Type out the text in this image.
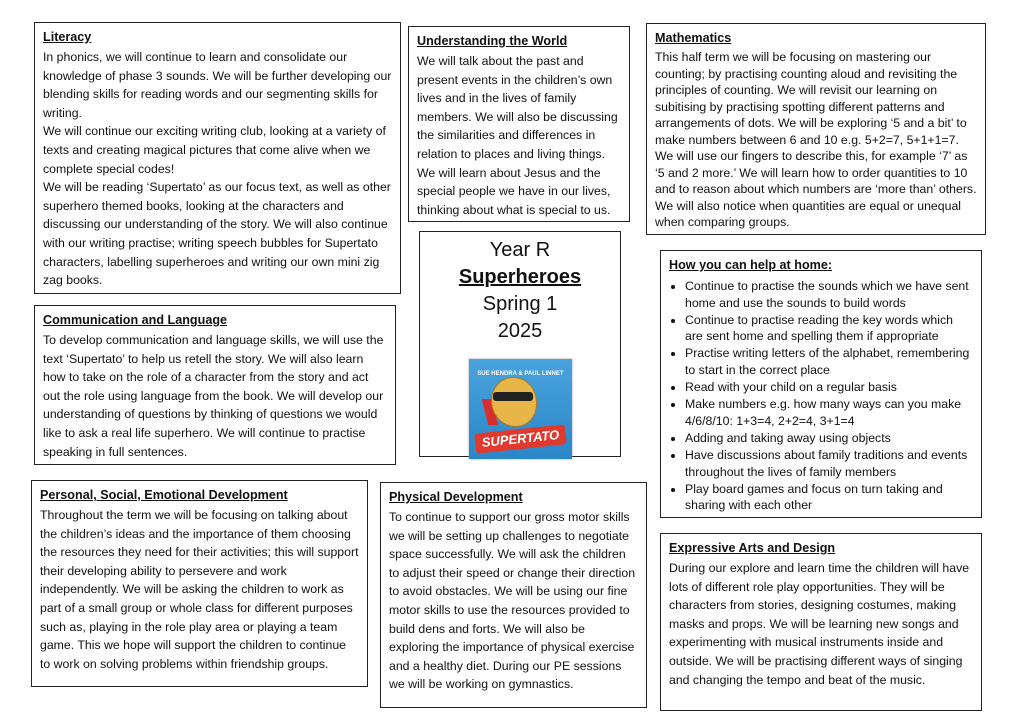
Literacy

In phonics, we will continue to learn and consolidate our knowledge of phase 3 sounds. We will be further developing our blending skills for reading words and our segmenting skills for writing.

We will continue our exciting writing club, looking at a variety of texts and creating magical pictures that come alive when we complete special codes!

We will be reading ‘Supertato’ as our focus text, as well as other superhero themed books, looking at the characters and discussing our understanding of the story. We will also continue with our writing practise; writing speech bubbles for Supertato characters, labelling superheroes and writing our own mini zig zag books.

Understanding the World

We will talk about the past and present events in the children’s own lives and in the lives of family members. We will also be discussing the similarities and differences in relation to places and living things. We will learn about Jesus and the special people we have in our lives, thinking about what is special to us.

Mathematics

This half term we will be focusing on mastering our counting; by practising counting aloud and revisiting the principles of counting. We will revisit our learning on subitising by practising spotting different patterns and arrangements of dots. We will be exploring ‘5 and a bit’ to make numbers between 6 and 10 e.g. 5+2=7, 5+1+1=7. We will use our fingers to describe this, for example ‘7’ as ‘5 and 2 more.’ We will learn how to order quantities to 10 and to reason about which numbers are ‘more than’ others. We will also notice when quantities are equal or unequal when comparing groups.

Communication and Language

To develop communication and language skills, we will use the text ‘Supertato’ to help us retell the story. We will also learn how to take on the role of a character from the story and act out the role using language from the book. We will develop our understanding of questions by thinking of questions we would like to ask a real life superhero. We will continue to practise speaking in full sentences.

Year R
Superheroes
Spring 1
2025
SUE HENDRA & PAUL LINNET
SUPERTATO
How you can help at home:
• Continue to practise the sounds which we have sent home and use the sounds to build words
• Continue to practise reading the key words which are sent home and spelling them if appropriate
• Practise writing letters of the alphabet, remembering to start in the correct place
• Read with your child on a regular basis
• Make numbers e.g. how many ways can you make 4/6/8/10: 1+3=4, 2+2=4, 3+1=4
• Adding and taking away using objects
• Have discussions about family traditions and events throughout the lives of family members
• Play board games and focus on turn taking and sharing with each other
Personal, Social, Emotional Development

Throughout the term we will be focusing on talking about the children’s ideas and the importance of them choosing the resources they need for their activities; this will support their developing ability to persevere and work independently. We will be asking the children to work as part of a small group or whole class for different purposes such as, playing in the role play area or playing a team game. This we hope will support the children to continue to work on solving problems within friendship groups.

Physical Development

To continue to support our gross motor skills we will be setting up challenges to negotiate space successfully. We will ask the children to adjust their speed or change their direction to avoid obstacles. We will be using our fine motor skills to use the resources provided to build dens and forts. We will also be exploring the importance of physical exercise and a healthy diet. During our PE sessions we will be working on gymnastics.

Expressive Arts and Design

During our explore and learn time the children will have lots of different role play opportunities. They will be characters from stories, designing costumes, making masks and props. We will be learning new songs and experimenting with musical instruments inside and outside. We will be practising different ways of singing and changing the tempo and beat of the music.
